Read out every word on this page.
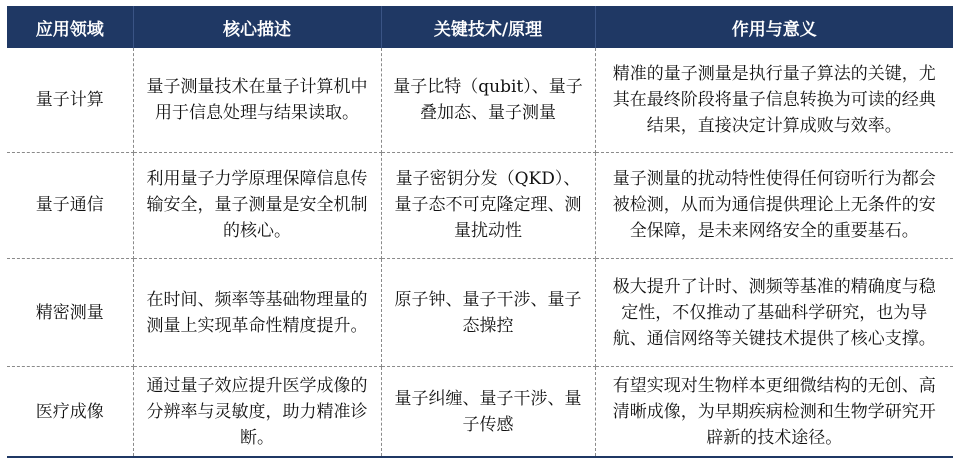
应用领域	核心描述	关键技术/原理	作用与意义
量子计算	量子测量技术在量子计算机中用于信息处理与结果读取。	量子比特（qubit）、量子叠加态、量子测量	精准的量子测量是执行量子算法的关键，尤其在最终阶段将量子信息转换为可读的经典结果，直接决定计算成败与效率。
量子通信	利用量子力学原理保障信息传输安全，量子测量是安全机制的核心。	量子密钥分发（QKD）、量子态不可克隆定理、测量扰动性	量子测量的扰动特性使得任何窃听行为都会被检测，从而为通信提供理论上无条件的安全保障，是未来网络安全的重要基石。
精密测量	在时间、频率等基础物理量的测量上实现革命性精度提升。	原子钟、量子干涉、量子态操控	极大提升了计时、测频等基准的精确度与稳定性，不仅推动了基础科学研究，也为导航、通信网络等关键技术提供了核心支撑。
医疗成像	通过量子效应提升医学成像的分辨率与灵敏度，助力精准诊断。	量子纠缠、量子干涉、量子传感	有望实现对生物样本更细微结构的无创、高清晰成像，为早期疾病检测和生物学研究开辟新的技术途径。
